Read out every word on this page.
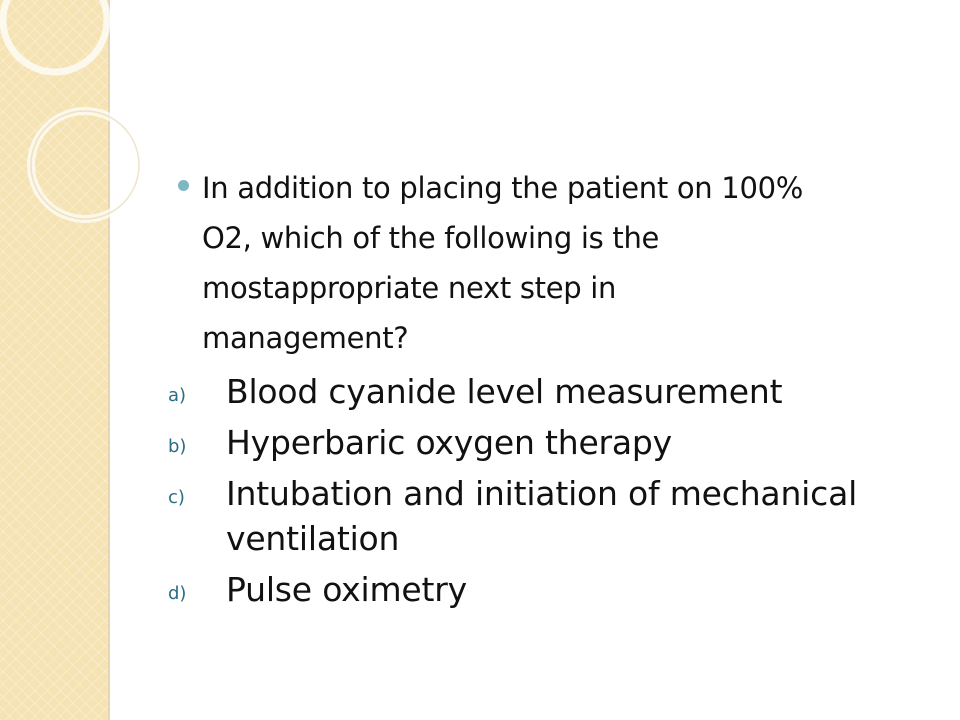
In addition to placing the patient on 100%
O2, which of the following is the
mostappropriate next step in
management?
a) Blood cyanide level measurement
b) Hyperbaric oxygen therapy
c) Intubation and initiation of mechanical
ventilation
d) Pulse oximetry
